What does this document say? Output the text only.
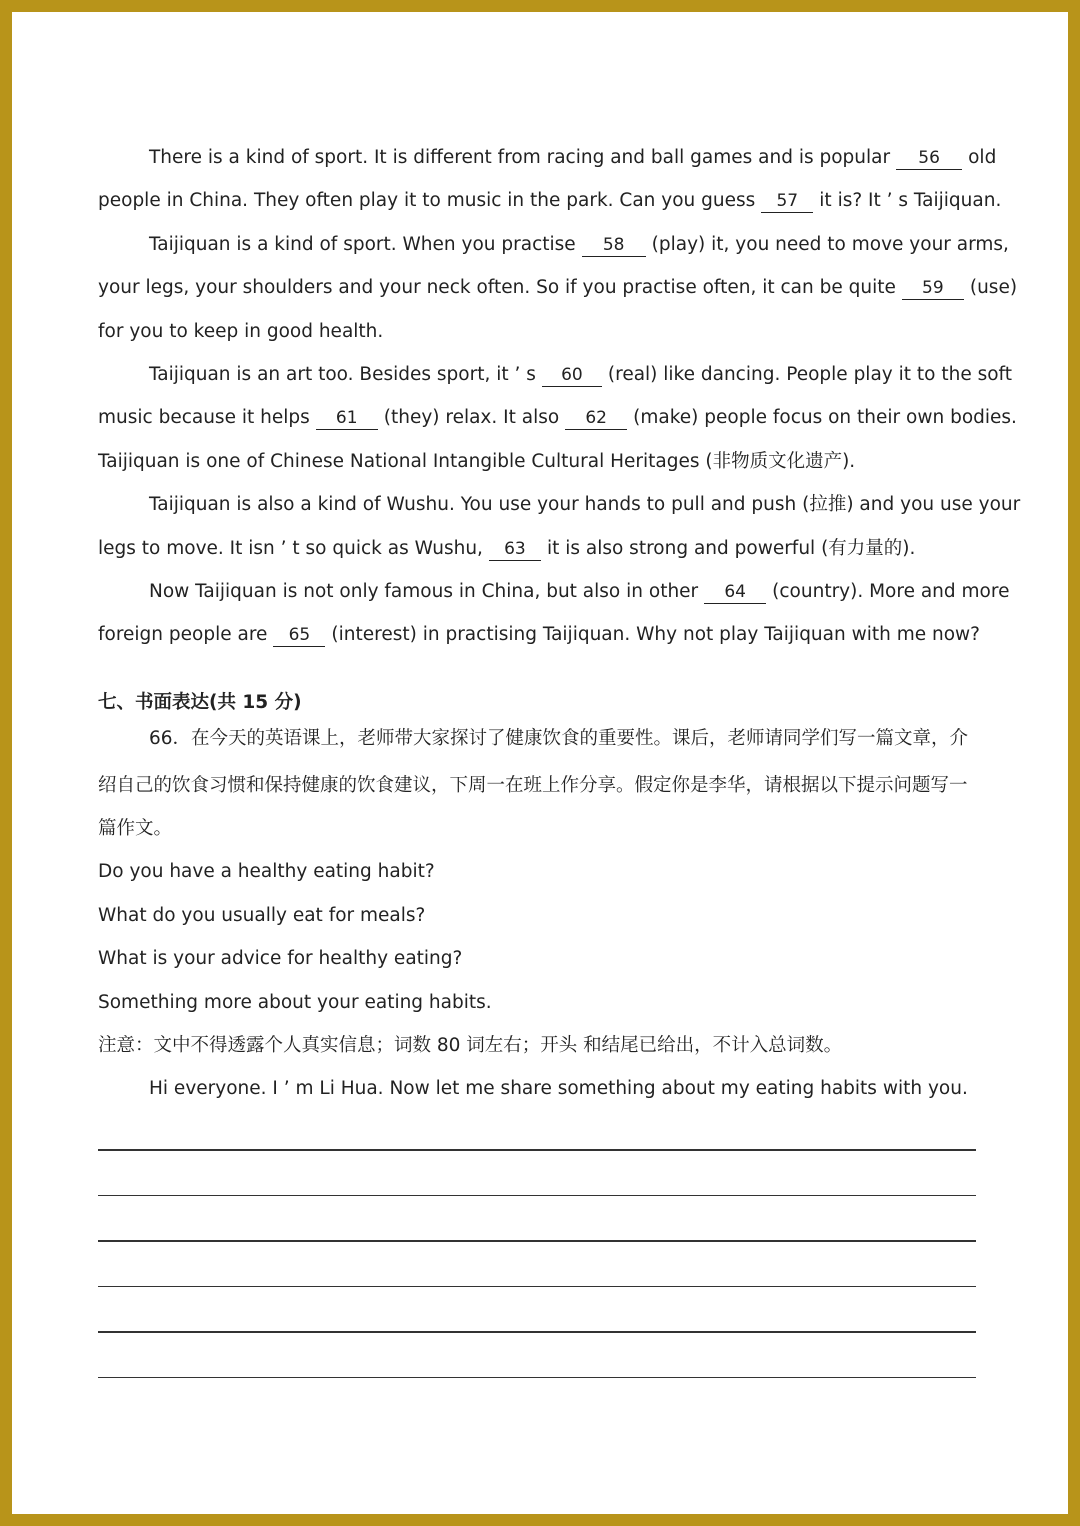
There is a kind of sport. It is different from racing and ball games and is popular	56 old
people in China. They often play it to music in the park. Can you guess 57 it is? It ’ s Taijiquan.
Taijiquan is a kind of sport. When you practise 58	(play) it, you need to move your arms,
your legs, your shoulders and your neck often. So if you practise often, it can be quite	59 (use)
for you to keep in good health.
Taijiquan is an art too. Besides sport, it ’ s 60	(real) like dancing. People play it to the soft
music because it helps 61 (they) relax. It also 62	(make) people focus on their own bodies.
Taijiquan is one of Chinese National Intangible Cultural Heritages (非物质文化遗产).
Taijiquan is also a kind of Wushu. You use your hands to pull and push (拉推) and you use your
legs to move. It isn ’ t so quick as Wushu, 63 it is also strong and powerful (有力量的).
Now Taijiquan is not only famous in China, but also in other 64	(country). More and more
foreign people are 65 (interest) in practising Taijiquan. Why not play Taijiquan with me now?
七、书面表达(共 15 分)
66．在今天的英语课上，老师带大家探讨了健康饮食的重要性。课后，老师请同学们写一篇文章，介
绍自己的饮食习惯和保持健康的饮食建议，下周一在班上作分享。假定你是李华，请根据以下提示问题写一
篇作文。
Do you have a healthy eating habit?
What do you usually eat for meals?
What is your advice for healthy eating?
Something more about your eating habits.
注意：文中不得透露个人真实信息；词数 80 词左右；开头 和结尾已给出，不计入总词数。
Hi everyone. I ’ m Li Hua. Now let me share something about my eating habits with you.
